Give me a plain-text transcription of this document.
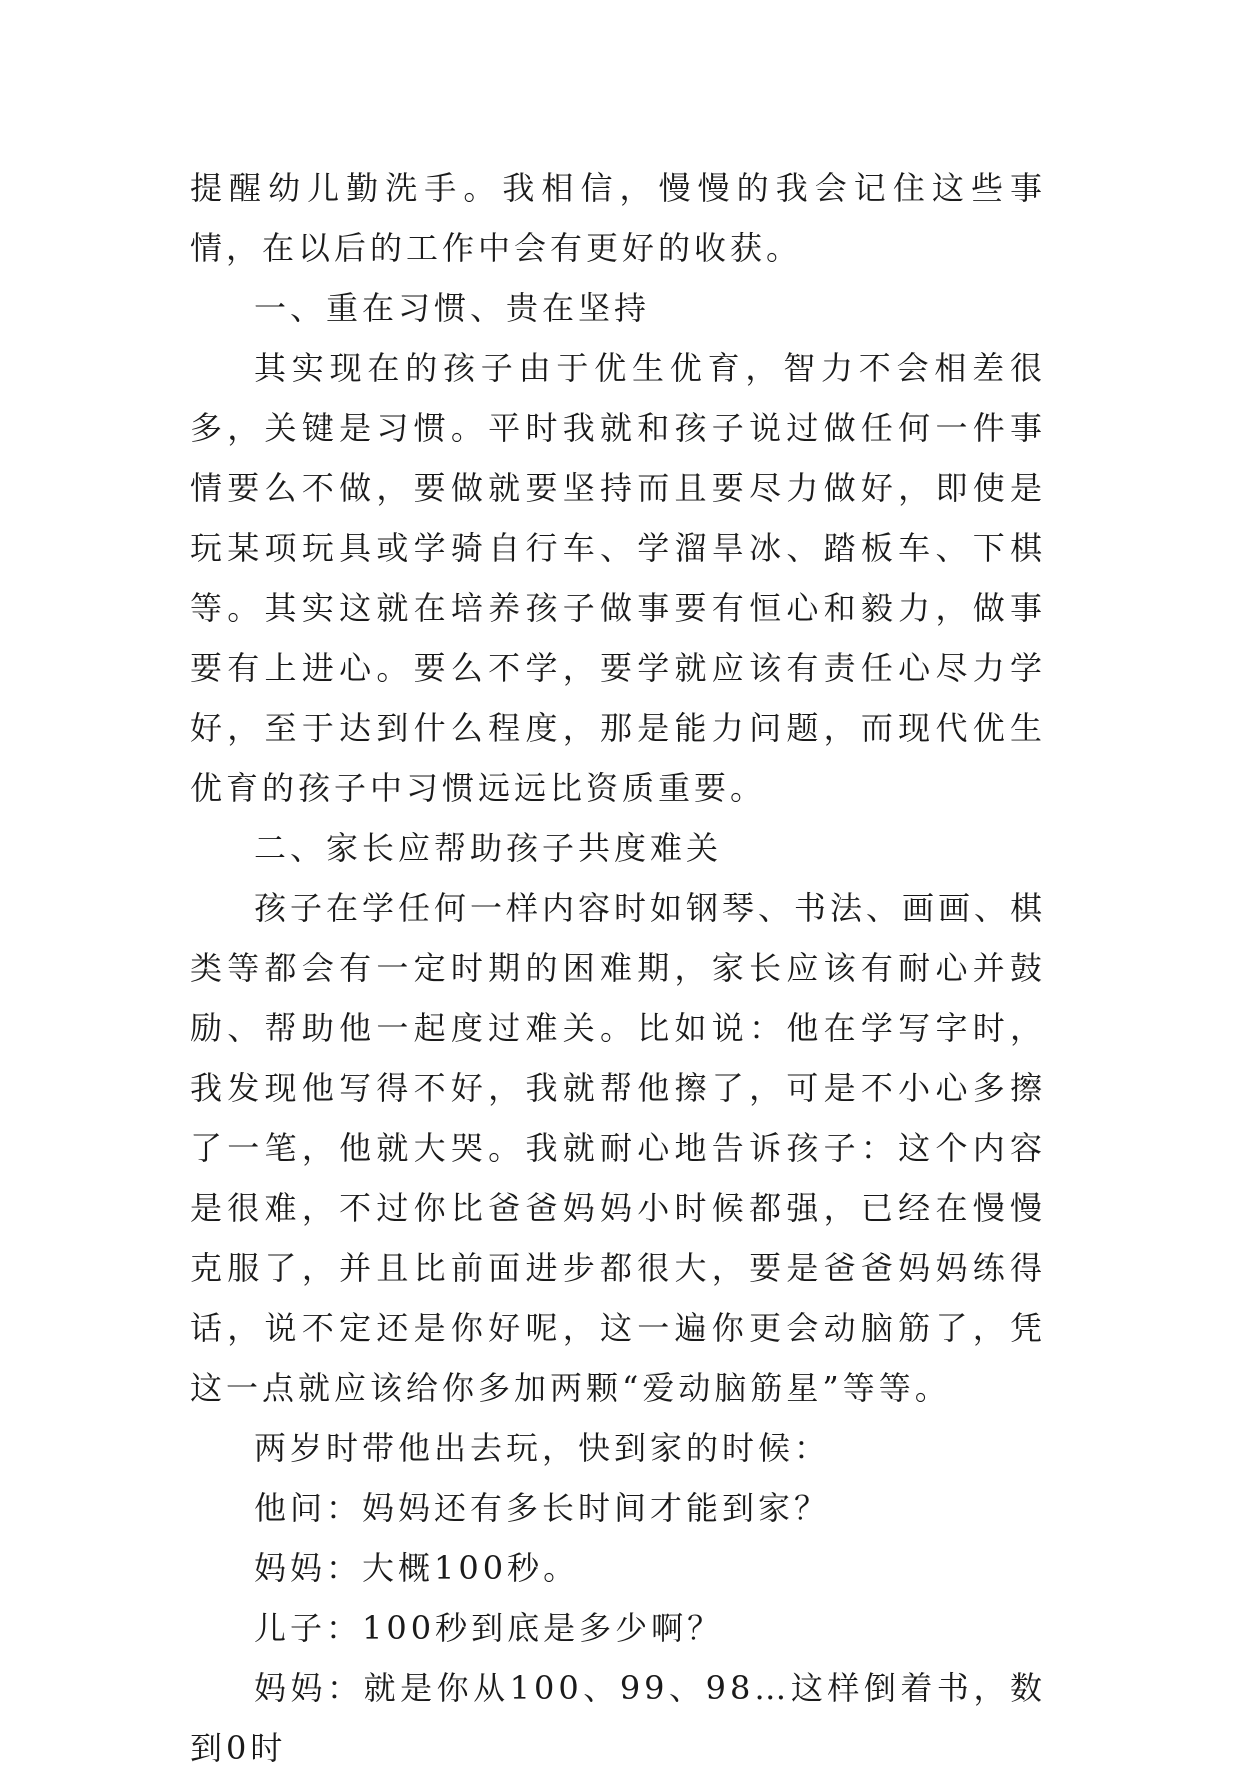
提醒幼儿勤洗手。我相信，慢慢的我会记住这些事情，在以后的工作中会有更好的收获。

一、重在习惯、贵在坚持

其实现在的孩子由于优生优育，智力不会相差很多，关键是习惯。平时我就和孩子说过做任何一件事情要么不做，要做就要坚持而且要尽力做好，即使是玩某项玩具或学骑自行车、学溜旱冰、踏板车、下棋等。其实这就在培养孩子做事要有恒心和毅力，做事要有上进心。要么不学，要学就应该有责任心尽力学好，至于达到什么程度，那是能力问题，而现代优生优育的孩子中习惯远远比资质重要。

二、家长应帮助孩子共度难关

孩子在学任何一样内容时如钢琴、书法、画画、棋类等都会有一定时期的困难期，家长应该有耐心并鼓励、帮助他一起度过难关。比如说：他在学写字时，我发现他写得不好，我就帮他擦了，可是不小心多擦了一笔，他就大哭。我就耐心地告诉孩子：这个内容是很难，不过你比爸爸妈妈小时候都强，已经在慢慢克服了，并且比前面进步都很大，要是爸爸妈妈练得话，说不定还是你好呢，这一遍你更会动脑筋了，凭这一点就应该给你多加两颗“爱动脑筋星”等等。

两岁时带他出去玩，快到家的时候：

他问：妈妈还有多长时间才能到家？

妈妈：大概100秒。

儿子：100秒到底是多少啊？

妈妈：就是你从100、99、98…这样倒着书，数到0时
